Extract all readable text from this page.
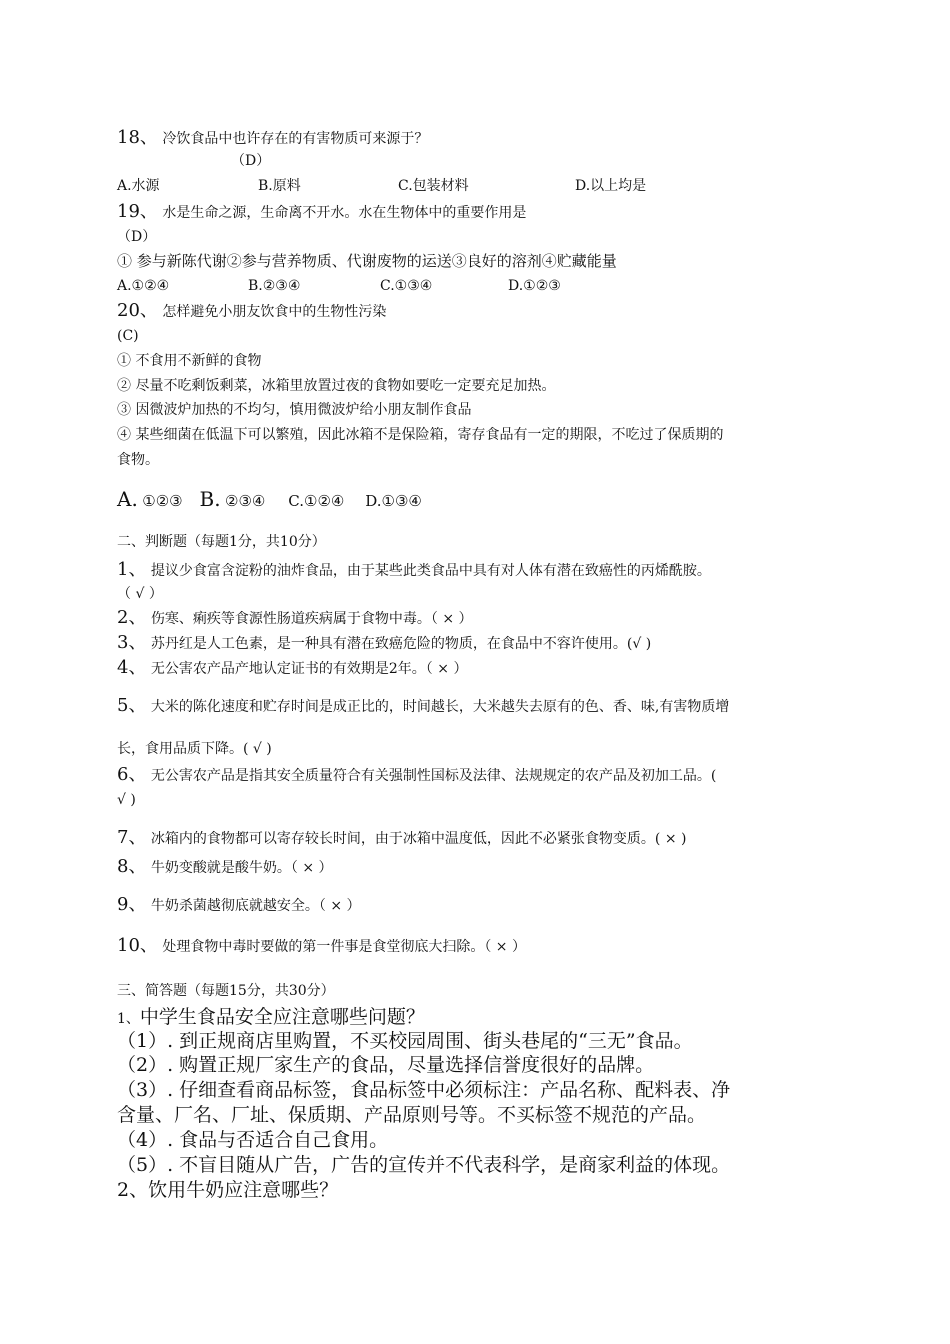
18、 冷饮食品中也许存在的有害物质可来源于？
（D）
A.水源	B.原料	C.包装材料	D.以上均是
19、 水是生命之源，生命离不开水。水在生物体中的重要作用是
（D）
① 参与新陈代谢②参与营养物质、代谢废物的运送③良好的溶剂④贮藏能量
A.①②④	B.②③④	C.①③④	D.①②③
20、 怎样避免小朋友饮食中的生物性污染
(C)
① 不食用不新鲜的食物
② 尽量不吃剩饭剩菜，冰箱里放置过夜的食物如要吃一定要充足加热。
③ 因微波炉加热的不均匀，慎用微波炉给小朋友制作食品
④ 某些细菌在低温下可以繁殖，因此冰箱不是保险箱，寄存食品有一定的期限，不吃过了保质期的
食物。
A. ①②③ B. ②③④ C.①②④ D.①③④
二、判断题（每题1分，共10分）
1、 提议少食富含淀粉的油炸食品，由于某些此类食品中具有对人体有潜在致癌性的丙烯酰胺。
（ √ ）
2、 伤寒、痢疾等食源性肠道疾病属于食物中毒。（ × ）
3、 苏丹红是人工色素，是一种具有潜在致癌危险的物质，在食品中不容许使用。(√ )
4、 无公害农产品产地认定证书的有效期是2年。（ × ）
5、 大米的陈化速度和贮存时间是成正比的，时间越长，大米越失去原有的色、香、味,有害物质增
长，食用品质下降。( √ )
6、 无公害农产品是指其安全质量符合有关强制性国标及法律、法规规定的农产品及初加工品。(
√ )
7、 冰箱内的食物都可以寄存较长时间，由于冰箱中温度低，因此不必紧张食物变质。( × )
8、 牛奶变酸就是酸牛奶。（ × ）
9、 牛奶杀菌越彻底就越安全。（ × ）
10、 处理食物中毒时要做的第一件事是食堂彻底大扫除。（ × ）
三、简答题（每题15分，共30分）
1、中学生食品安全应注意哪些问题？
（1）. 到正规商店里购置，不买校园周围、街头巷尾的“三无”食品。
（2）. 购置正规厂家生产的食品，尽量选择信誉度很好的品牌。
（3）. 仔细查看商品标签，食品标签中必须标注：产品名称、配料表、净
含量、厂名、厂址、保质期、产品原则号等。不买标签不规范的产品。
（4）. 食品与否适合自己食用。
（5）. 不盲目随从广告，广告的宣传并不代表科学，是商家利益的体现。
2、饮用牛奶应注意哪些？
